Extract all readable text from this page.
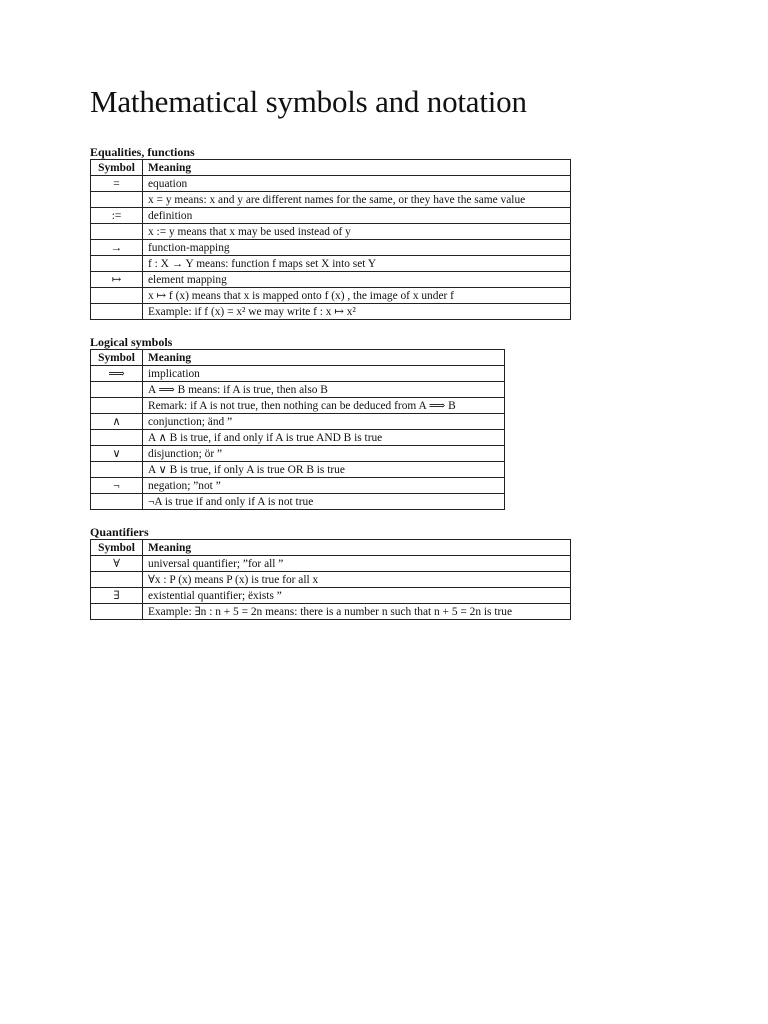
Mathematical symbols and notation
Equalities, functions
Symbol	Meaning
=	equation
	x = y means: x and y are different names for the same, or they have the same value
:=	definition
	x := y means that x may be used instead of y
→	function-mapping
	f : X → Y means: function f maps set X into set Y
↦	element mapping
	x ↦ f (x) means that x is mapped onto f (x) , the image of x under f
	Example: if f (x) = x² we may write f : x ↦ x²
Logical symbols
Symbol	Meaning
⟹	implication
	A ⟹ B means: if A is true, then also B
	Remark: if A is not true, then nothing can be deduced from A ⟹ B
∧	conjunction; änd ”
	A ∧ B is true, if and only if A is true AND B is true
∨	disjunction; ör ”
	A ∨ B is true, if only A is true OR B is true
¬	negation; ”not ”
	¬A is true if and only if A is not true
Quantifiers
Symbol	Meaning
∀	universal quantifier; ”for all ”
	∀x : P (x) means P (x) is true for all x
∃	existential quantifier; ëxists ”
	Example: ∃n : n + 5 = 2n means: there is a number n such that n + 5 = 2n is true
